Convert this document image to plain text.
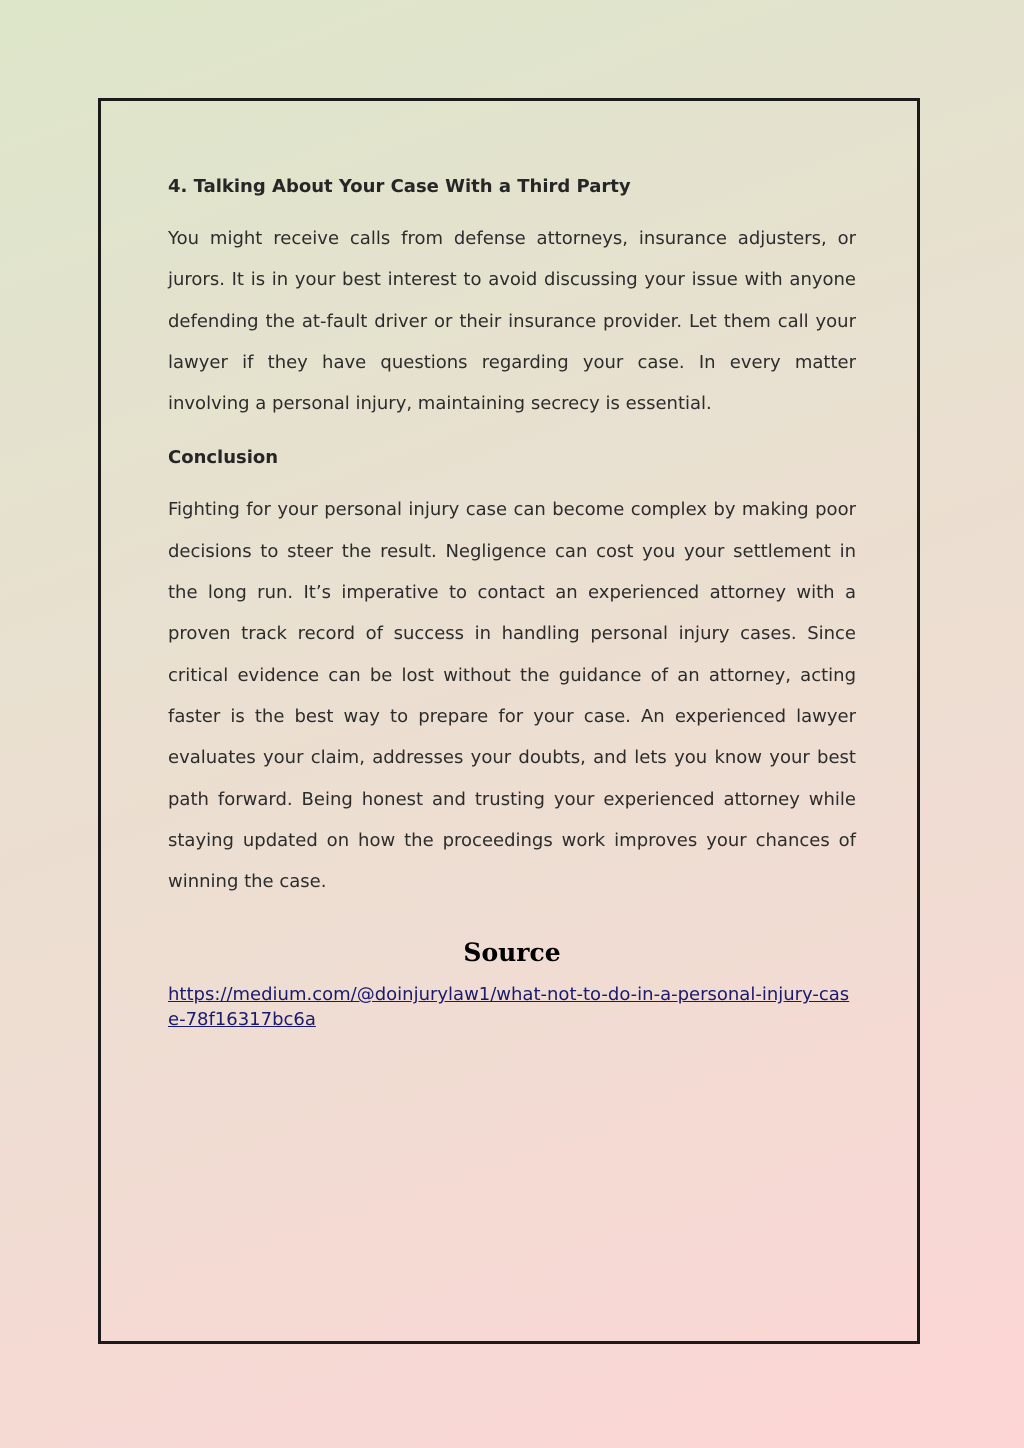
4. Talking About Your Case With a Third Party

You might receive calls from defense attorneys, insurance adjusters, or jurors. It is in your best interest to avoid discussing your issue with anyone defending the at-fault driver or their insurance provider. Let them call your lawyer if they have questions regarding your case. In every matter involving a personal injury, maintaining secrecy is essential.

Conclusion

Fighting for your personal injury case can become complex by making poor decisions to steer the result. Negligence can cost you your settlement in the long run. It’s imperative to contact an experienced attorney with a proven track record of success in handling personal injury cases. Since critical evidence can be lost without the guidance of an attorney, acting faster is the best way to prepare for your case. An experienced lawyer evaluates your claim, addresses your doubts, and lets you know your best path forward. Being honest and trusting your experienced attorney while staying updated on how the proceedings work improves your chances of winning the case.

Source
https://medium.com/@doinjurylaw1/what-not-to-do-in-a-personal-injury-case-78f16317bc6a
